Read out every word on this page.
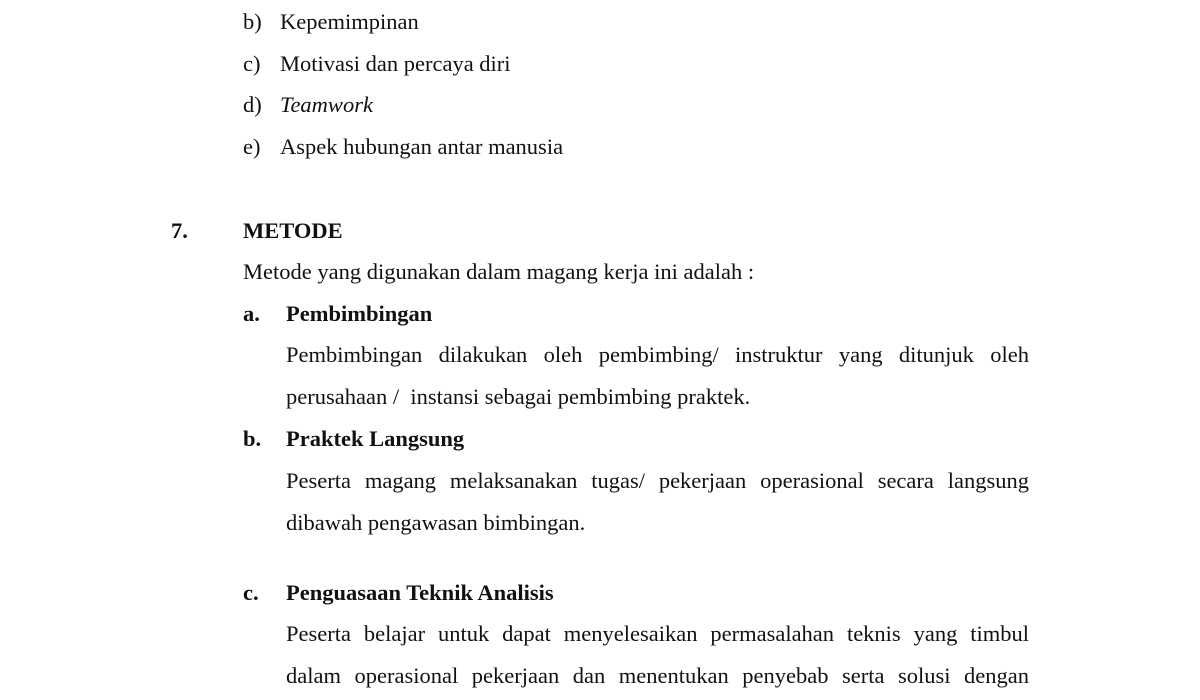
b) Kepemimpinan
c) Motivasi dan percaya diri
d) Teamwork
e) Aspek hubungan antar manusia
7. METODE
Metode yang digunakan dalam magang kerja ini adalah :
a. Pembimbingan
Pembimbingan dilakukan oleh pembimbing/ instruktur yang ditunjuk oleh
perusahaan /  instansi sebagai pembimbing praktek.
b. Praktek Langsung
Peserta magang melaksanakan tugas/ pekerjaan operasional secara langsung
dibawah pengawasan bimbingan.
c. Penguasaan Teknik Analisis
Peserta belajar untuk dapat menyelesaikan permasalahan teknis yang timbul
dalam operasional pekerjaan dan menentukan penyebab serta solusi dengan
